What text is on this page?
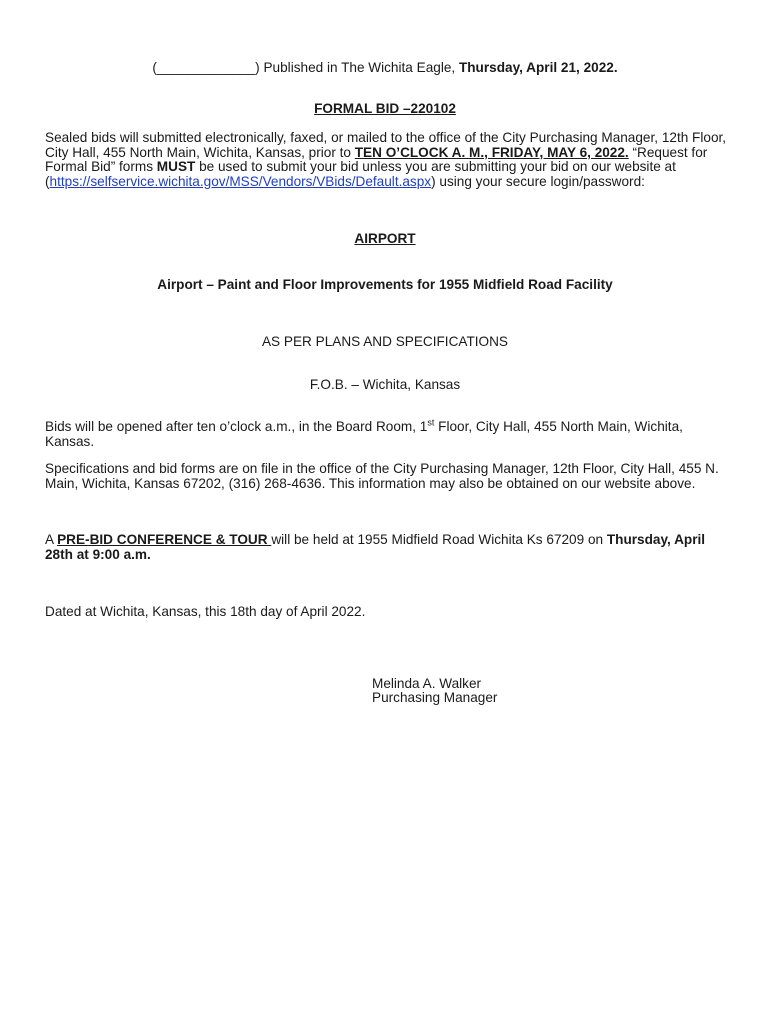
(_____________) Published in The Wichita Eagle, Thursday, April 21, 2022.
FORMAL BID –220102
Sealed bids will submitted electronically, faxed, or mailed to the office of the City Purchasing Manager, 12th Floor, City Hall, 455 North Main, Wichita, Kansas, prior to TEN O’CLOCK A. M., FRIDAY, MAY 6, 2022. “Request for Formal Bid” forms MUST be used to submit your bid unless you are submitting your bid on our website at (https://selfservice.wichita.gov/MSS/Vendors/VBids/Default.aspx) using your secure login/password:
AIRPORT
Airport – Paint and Floor Improvements for 1955 Midfield Road Facility
AS PER PLANS AND SPECIFICATIONS
F.O.B. – Wichita, Kansas
Bids will be opened after ten o’clock a.m., in the Board Room, 1st Floor, City Hall, 455 North Main, Wichita, Kansas.
Specifications and bid forms are on file in the office of the City Purchasing Manager, 12th Floor, City Hall, 455 N. Main, Wichita, Kansas 67202, (316) 268-4636. This information may also be obtained on our website above.
A PRE-BID CONFERENCE & TOUR will be held at 1955 Midfield Road Wichita Ks 67209 on Thursday, April 28th at 9:00 a.m.
Dated at Wichita, Kansas, this 18th day of April 2022.
Melinda A. Walker
Purchasing Manager
